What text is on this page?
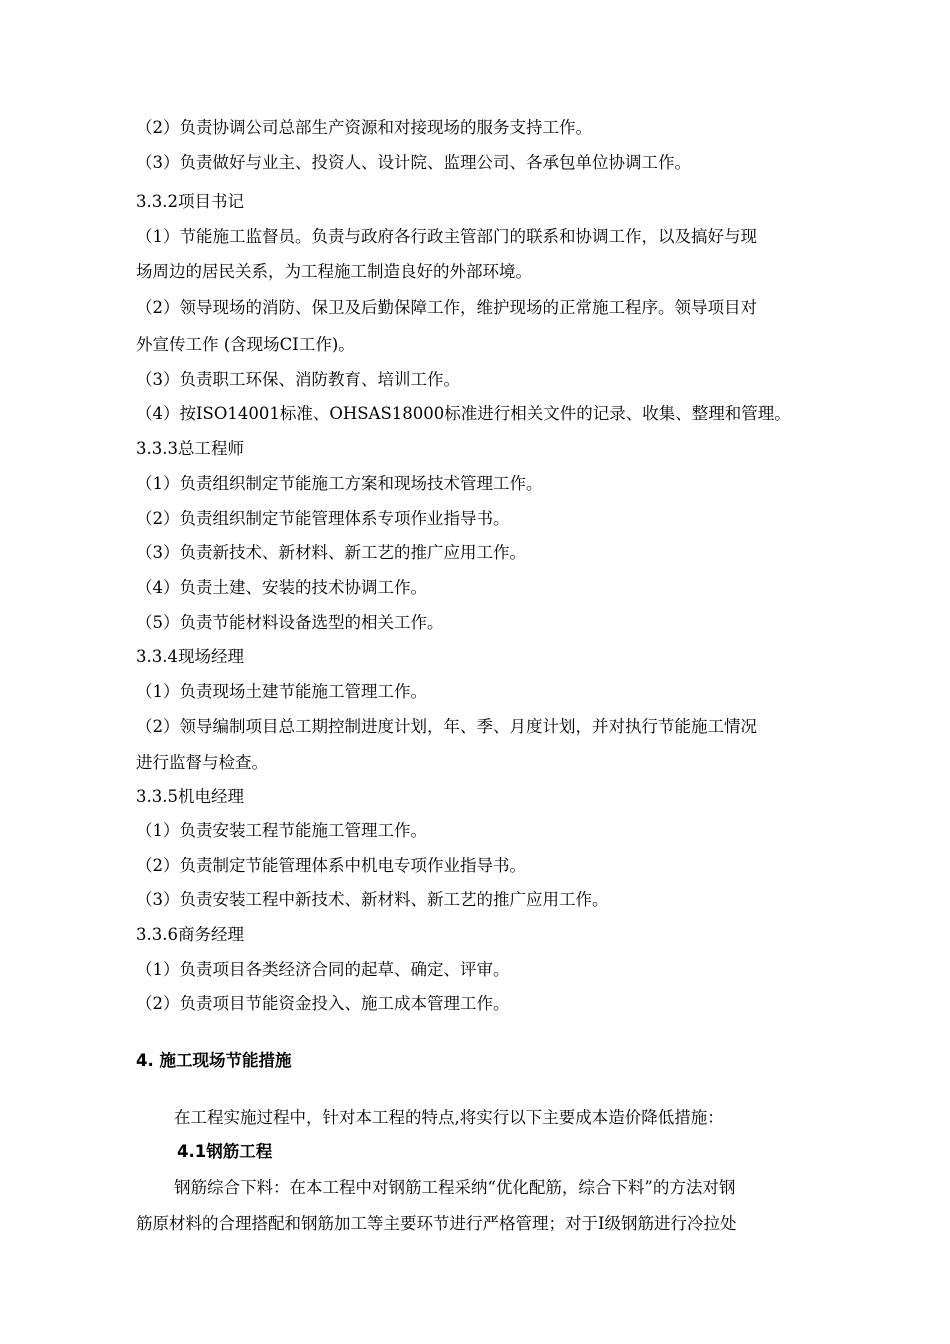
（2）负责协调公司总部生产资源和对接现场的服务支持工作。
（3）负责做好与业主、投资人、设计院、监理公司、各承包单位协调工作。
3.3.2项目书记
（1）节能施工监督员。负责与政府各行政主管部门的联系和协调工作，以及搞好与现
场周边的居民关系，为工程施工制造良好的外部环境。
（2）领导现场的消防、保卫及后勤保障工作，维护现场的正常施工程序。领导项目对
外宣传工作 (含现场CI工作)。
（3）负责职工环保、消防教育、培训工作。
（4）按ISO14001标准、OHSAS18000标准进行相关文件的记录、收集、整理和管理。
3.3.3总工程师
（1）负责组织制定节能施工方案和现场技术管理工作。
（2）负责组织制定节能管理体系专项作业指导书。
（3）负责新技术、新材料、新工艺的推广应用工作。
（4）负责土建、安装的技术协调工作。
（5）负责节能材料设备选型的相关工作。
3.3.4现场经理
（1）负责现场土建节能施工管理工作。
（2）领导编制项目总工期控制进度计划，年、季、月度计划，并对执行节能施工情况
进行监督与检查。
3.3.5机电经理
（1）负责安装工程节能施工管理工作。
（2）负责制定节能管理体系中机电专项作业指导书。
（3）负责安装工程中新技术、新材料、新工艺的推广应用工作。
3.3.6商务经理
（1）负责项目各类经济合同的起草、确定、评审。
（2）负责项目节能资金投入、施工成本管理工作。
4. 施工现场节能措施
在工程实施过程中，针对本工程的特点,将实行以下主要成本造价降低措施：
4.1钢筋工程
钢筋综合下料：在本工程中对钢筋工程采纳“优化配筋，综合下料”的方法对钢
筋原材料的合理搭配和钢筋加工等主要环节进行严格管理；对于Ⅰ级钢筋进行冷拉处
